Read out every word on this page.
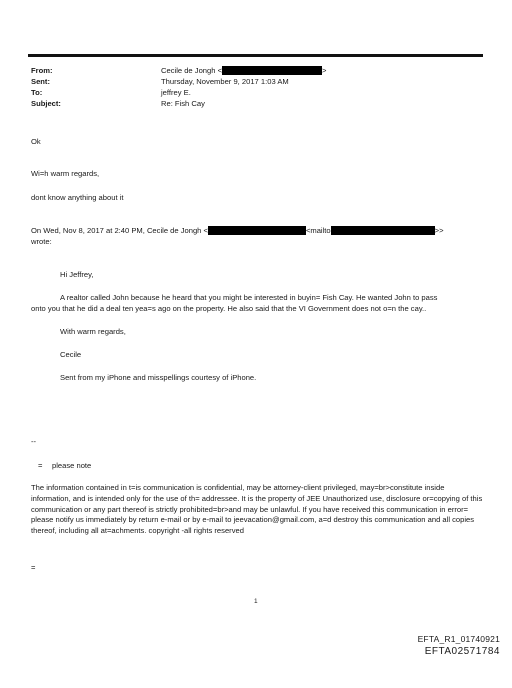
From:	Cecile de Jongh <	>
Sent:	Thursday, November 9, 2017 1:03 AM
To:	jeffrey E.
Subject:	Re: Fish Cay
Ok
Wi=h warm regards,
dont know anything about it
On Wed, Nov 8, 2017 at 2:40 PM, Cecile de Jongh <	<mailto	>>
wrote:
Hi Jeffrey,
A realtor called John because he heard that you might be interested in buyin= Fish Cay. He wanted John to pass
onto you that he did a deal ten yea=s ago on the property. He also said that the VI Government does not o=n the cay..
With warm regards,
Cecile
Sent from my iPhone and misspellings courtesy of iPhone.
--
= please note
The information contained in t=is communication is confidential, may be attorney-client privileged, may=br>constitute inside information, and is intended only for the use of th= addressee. It is the property of JEE Unauthorized use, disclosure or=copying of this communication or any part thereof is strictly prohibited=br>and may be unlawful. If you have received this communication in error= please notify us immediately by return e-mail or by e-mail to jeevacation@gmail.com, a=d destroy this communication and all copies thereof, including all at=achments. copyright -all rights reserved
=
1
EFTA_R1_01740921
EFTA02571784
